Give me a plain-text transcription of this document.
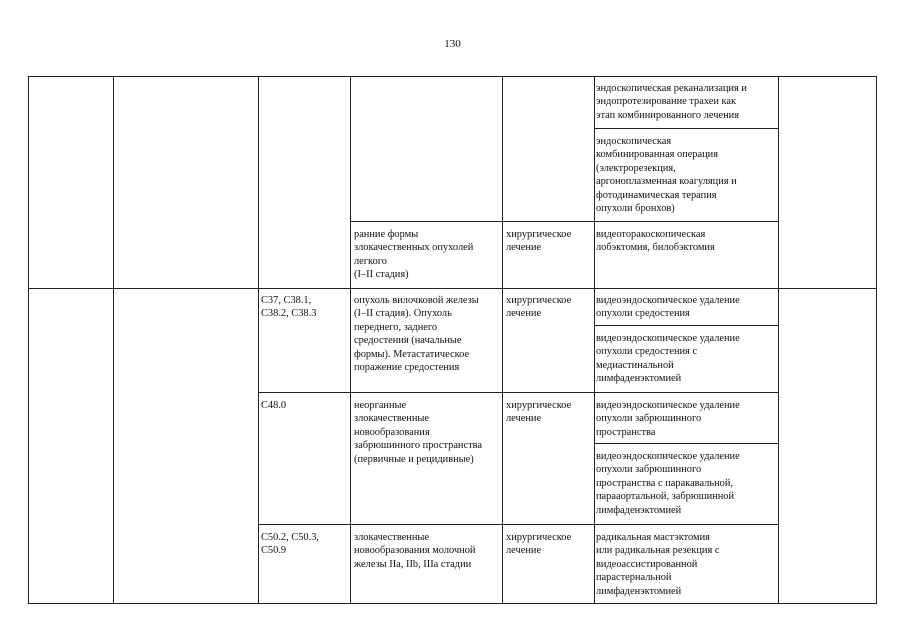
130
эндоскопическая реканализация и
эндопротезирование трахеи как
этап комбинированного лечения
эндоскопическая
комбинированная операция
(электрорезекция,
аргоноплазменная коагуляция и
фотодинамическая терапия
опухоли бронхов)
ранние формы
злокачественных опухолей
легкого
(I–II стадия)
хирургическое
лечение
видеоторакоскопическая
лобэктомия, билобэктомия
C37, C38.1,
C38.2, C38.3
опухоль вилочковой железы
(I–II стадия). Опухоль
переднего, заднего
средостения (начальные
формы). Метастатическое
поражение средостения
хирургическое
лечение
видеоэндоскопическое удаление
опухоли средостения
видеоэндоскопическое удаление
опухоли средостения с
медиастинальной
лимфаденэктомией
C48.0	неорганные
злокачественные
новообразования
забрюшинного пространства
(первичные и рецидивные)
хирургическое
лечение
видеоэндоскопическое удаление
опухоли забрюшинного
пространства
видеоэндоскопическое удаление
опухоли забрюшинного
пространства с паракавальной,
параaортальной, забрюшинной
лимфаденэктомией
C50.2, C50.3,
C50.9
злокачественные
новообразования молочной
железы IIa, IIb, IIIa стадии
хирургическое
лечение
радикальная мастэктомия
или радикальная резекция с
видеоассистированной
парастернальной
лимфаденэктомией
